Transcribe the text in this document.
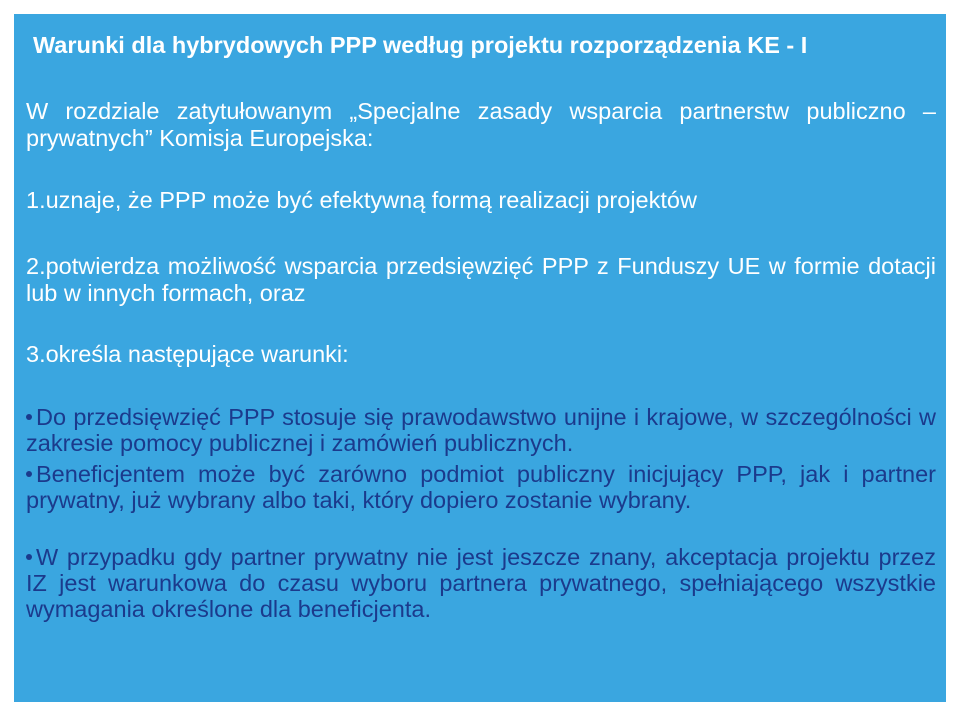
Warunki dla hybrydowych PPP według projektu rozporządzenia KE - I
W rozdziale zatytułowanym „Specjalne zasady wsparcia partnerstw publiczno – prywatnych” Komisja Europejska:
1.uznaje, że PPP może być efektywną formą realizacji projektów
2.potwierdza możliwość wsparcia przedsięwzięć PPP z Funduszy UE w formie dotacji lub w innych formach, oraz
3.określa następujące warunki:
Do przedsięwzięć PPP stosuje się prawodawstwo unijne i krajowe, w szczególności w zakresie pomocy publicznej i zamówień publicznych.
Beneficjentem może być zarówno podmiot publiczny inicjujący PPP, jak i partner prywatny, już wybrany albo taki, który dopiero zostanie wybrany.
W przypadku gdy partner prywatny nie jest jeszcze znany, akceptacja projektu przez IZ jest warunkowa do czasu wyboru partnera prywatnego, spełniającego wszystkie wymagania określone dla beneficjenta.
